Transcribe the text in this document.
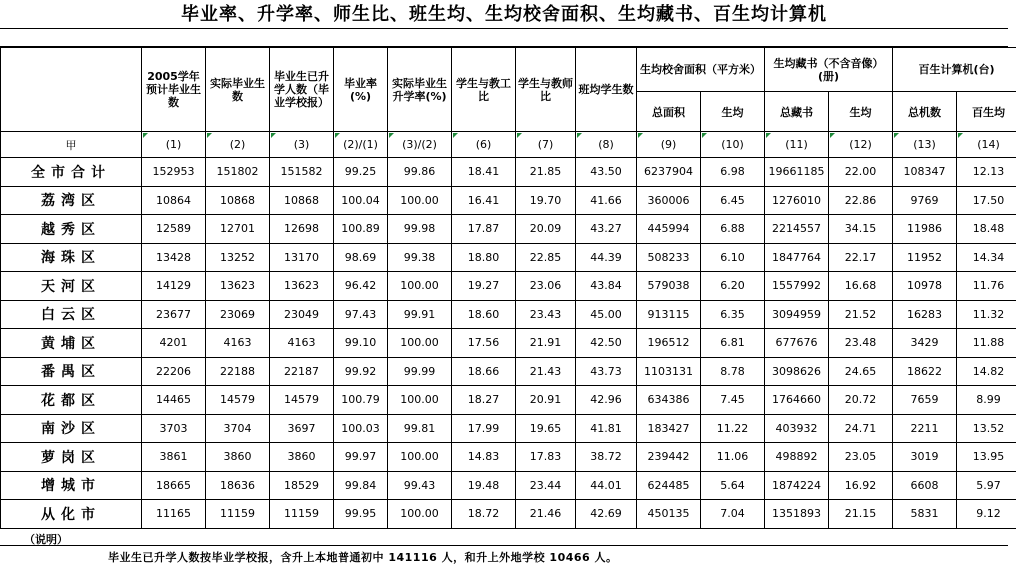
毕业率、升学率、师生比、班生均、生均校舍面积、生均藏书、百生均计算机
	2005学年预计毕业生数	实际毕业生数	毕业生已升学人数（毕业学校报）	毕业率(%)	实际毕业生升学率(%)	学生与教工比	学生与教师比	班均学生数	生均校舍面积（平方米）		生均藏书（不含音像）(册)		百生计算机(台)	
									总面积	生均	总藏书	生均	总机数	百生均
甲	(1)	(2)	(3)	(2)/(1)	(3)/(2)	(6)	(7)	(8)	(9)	(10)	(11)	(12)	(13)	(14)
全市合计	152953	151802	151582	99.25	99.86	18.41	21.85	43.50	6237904	6.98	19661185	22.00	108347	12.13
荔湾区	10864	10868	10868	100.04	100.00	16.41	19.70	41.66	360006	6.45	1276010	22.86	9769	17.50
越秀区	12589	12701	12698	100.89	99.98	17.87	20.09	43.27	445994	6.88	2214557	34.15	11986	18.48
海珠区	13428	13252	13170	98.69	99.38	18.80	22.85	44.39	508233	6.10	1847764	22.17	11952	14.34
天河区	14129	13623	13623	96.42	100.00	19.27	23.06	43.84	579038	6.20	1557992	16.68	10978	11.76
白云区	23677	23069	23049	97.43	99.91	18.60	23.43	45.00	913115	6.35	3094959	21.52	16283	11.32
黄埔区	4201	4163	4163	99.10	100.00	17.56	21.91	42.50	196512	6.81	677676	23.48	3429	11.88
番禺区	22206	22188	22187	99.92	99.99	18.66	21.43	43.73	1103131	8.78	3098626	24.65	18622	14.82
花都区	14465	14579	14579	100.79	100.00	18.27	20.91	42.96	634386	7.45	1764660	20.72	7659	8.99
南沙区	3703	3704	3697	100.03	99.81	17.99	19.65	41.81	183427	11.22	403932	24.71	2211	13.52
萝岗区	3861	3860	3860	99.97	100.00	14.83	17.83	38.72	239442	11.06	498892	23.05	3019	13.95
增城市	18665	18636	18529	99.84	99.43	19.48	23.44	44.01	624485	5.64	1874224	16.92	6608	5.97
从化市	11165	11159	11159	99.95	100.00	18.72	21.46	42.69	450135	7.04	1351893	21.15	5831	9.12
（说明）
毕业生已升学人数按毕业学校报，含升上本地普通初中 141116 人，和升上外地学校 10466 人。
